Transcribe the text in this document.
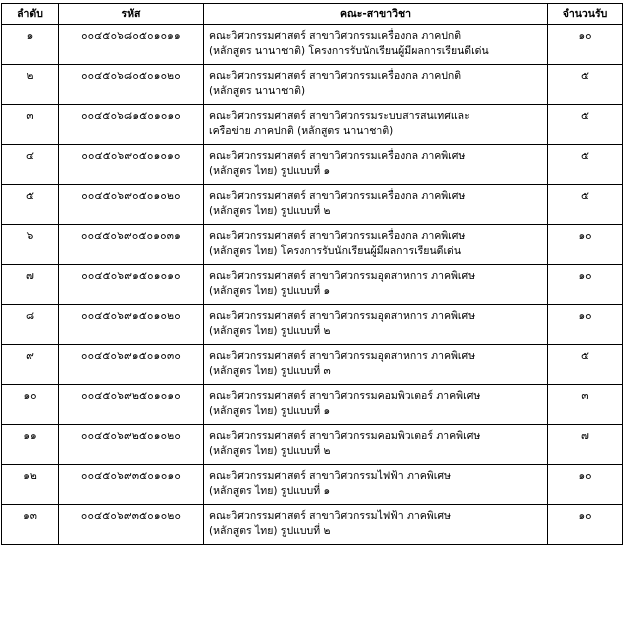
ลำดับ	รหัส	คณะ-สาขาวิชา	จำนวนรับ
๑	๐๐๔๕๐๖๘๐๕๐๑๐๑๑	คณะวิศวกรรมศาสตร์ สาขาวิศวกรรมเครื่องกล ภาคปกติ
(หลักสูตร นานาชาติ) โครงการรับนักเรียนผู้มีผลการเรียนดีเด่น	๑๐
๒	๐๐๔๕๐๖๘๐๕๐๑๐๒๐	คณะวิศวกรรมศาสตร์ สาขาวิศวกรรมเครื่องกล ภาคปกติ
(หลักสูตร นานาชาติ)	๕
๓	๐๐๔๕๐๖๘๑๕๐๑๐๑๐	คณะวิศวกรรมศาสตร์ สาขาวิศวกรรมระบบสารสนเทศและ
เครือข่าย ภาคปกติ (หลักสูตร นานาชาติ)	๕
๔	๐๐๔๕๐๖๙๐๕๐๑๐๑๐	คณะวิศวกรรมศาสตร์ สาขาวิศวกรรมเครื่องกล ภาคพิเศษ
(หลักสูตร ไทย) รูปแบบที่ ๑	๕
๕	๐๐๔๕๐๖๙๐๕๐๑๐๒๐	คณะวิศวกรรมศาสตร์ สาขาวิศวกรรมเครื่องกล ภาคพิเศษ
(หลักสูตร ไทย) รูปแบบที่ ๒	๕
๖	๐๐๔๕๐๖๙๐๕๐๑๐๓๑	คณะวิศวกรรมศาสตร์ สาขาวิศวกรรมเครื่องกล ภาคพิเศษ
(หลักสูตร ไทย) โครงการรับนักเรียนผู้มีผลการเรียนดีเด่น	๑๐
๗	๐๐๔๕๐๖๙๑๕๐๑๐๑๐	คณะวิศวกรรมศาสตร์ สาขาวิศวกรรมอุตสาหการ ภาคพิเศษ
(หลักสูตร ไทย) รูปแบบที่ ๑	๑๐
๘	๐๐๔๕๐๖๙๑๕๐๑๐๒๐	คณะวิศวกรรมศาสตร์ สาขาวิศวกรรมอุตสาหการ ภาคพิเศษ
(หลักสูตร ไทย) รูปแบบที่ ๒	๑๐
๙	๐๐๔๕๐๖๙๑๕๐๑๐๓๐	คณะวิศวกรรมศาสตร์ สาขาวิศวกรรมอุตสาหการ ภาคพิเศษ
(หลักสูตร ไทย) รูปแบบที่ ๓	๕
๑๐	๐๐๔๕๐๖๙๒๕๐๑๐๑๐	คณะวิศวกรรมศาสตร์ สาขาวิศวกรรมคอมพิวเตอร์ ภาคพิเศษ
(หลักสูตร ไทย) รูปแบบที่ ๑	๓
๑๑	๐๐๔๕๐๖๙๒๕๐๑๐๒๐	คณะวิศวกรรมศาสตร์ สาขาวิศวกรรมคอมพิวเตอร์ ภาคพิเศษ
(หลักสูตร ไทย) รูปแบบที่ ๒	๗
๑๒	๐๐๔๕๐๖๙๓๕๐๑๐๑๐	คณะวิศวกรรมศาสตร์ สาขาวิศวกรรมไฟฟ้า ภาคพิเศษ
(หลักสูตร ไทย) รูปแบบที่ ๑	๑๐
๑๓	๐๐๔๕๐๖๙๓๕๐๑๐๒๐	คณะวิศวกรรมศาสตร์ สาขาวิศวกรรมไฟฟ้า ภาคพิเศษ
(หลักสูตร ไทย) รูปแบบที่ ๒	๑๐
